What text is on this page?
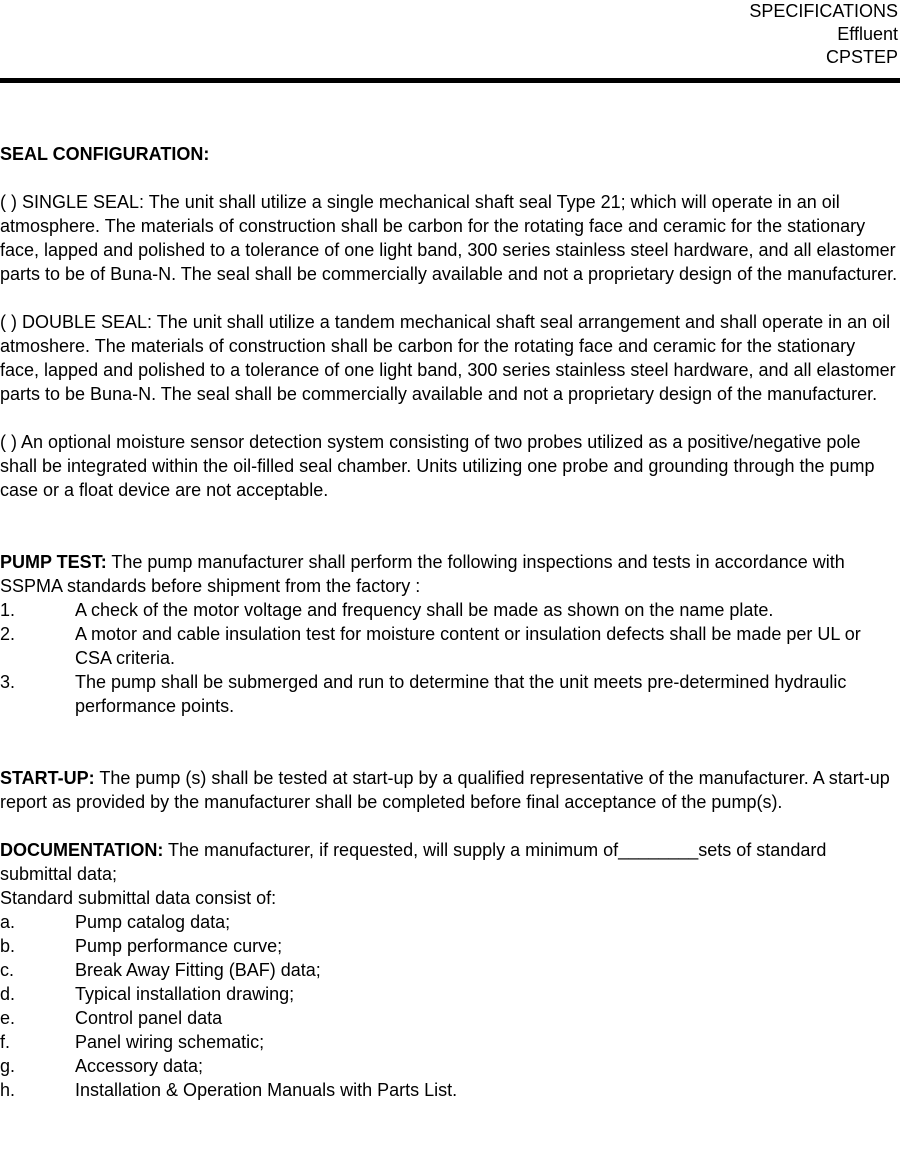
SPECIFICATIONS
Effluent
CPSTEP

SEAL CONFIGURATION:

( ) SINGLE SEAL: The unit shall utilize a single mechanical shaft seal Type 21; which will operate in an oil atmosphere. The materials of construction shall be carbon for the rotating face and ceramic for the stationary face, lapped and polished to a tolerance of one light band, 300 series stainless steel hardware, and all elastomer parts to be of Buna-N. The seal shall be commercially available and not a proprietary design of the manufacturer.

( ) DOUBLE SEAL: The unit shall utilize a tandem mechanical shaft seal arrangement and shall operate in an oil atmoshere. The materials of construction shall be carbon for the rotating face and ceramic for the stationary face, lapped and polished to a tolerance of one light band, 300 series stainless steel hardware, and all elastomer parts to be Buna-N. The seal shall be commercially available and not a proprietary design of the manufacturer.

( ) An optional moisture sensor detection system consisting of two probes utilized as a positive/negative pole shall be integrated within the oil-filled seal chamber. Units utilizing one probe and grounding through the pump case or a float device are not acceptable.

PUMP TEST: The pump manufacturer shall perform the following inspections and tests in accordance with SSPMA standards before shipment from the factory :

1.	A check of the motor voltage and frequency shall be made as shown on the name plate.
2.	A motor and cable insulation test for moisture content or insulation defects shall be made per UL or CSA criteria.
3.	The pump shall be submerged and run to determine that the unit meets pre-determined hydraulic performance points.

START-UP: The pump (s) shall be tested at start-up by a qualified representative of the manufacturer. A start-up report as provided by the manufacturer shall be completed before final acceptance of the pump(s).

DOCUMENTATION: The manufacturer, if requested, will supply a minimum of________sets of standard submittal data;

Standard submittal data consist of:

a.	Pump catalog data;
b.	Pump performance curve;
c.	Break Away Fitting (BAF) data;
d.	Typical installation drawing;
e.	Control panel data
f.	Panel wiring schematic;
g.	Accessory data;
h.	Installation & Operation Manuals with Parts List.
